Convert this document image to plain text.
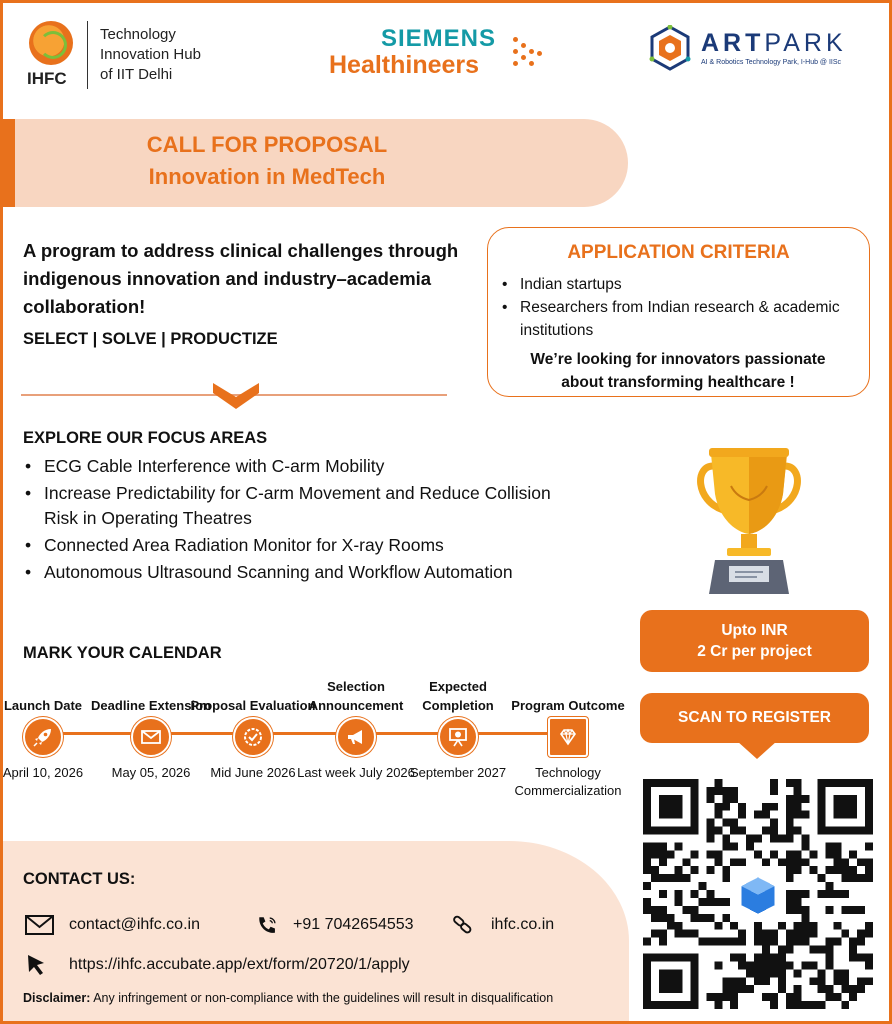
IHFC
Technology
Innovation Hub
of IIT Delhi
SIEMENS
Healthineers
ARTPARK
AI & Robotics Technology Park, I-Hub @ IISc
CALL FOR PROPOSAL
Innovation in MedTech
A program to address clinical challenges through indigenous innovation and industry–academia collaboration!
SELECT | SOLVE | PRODUCTIZE
APPLICATION CRITERIA
• Indian startups
• Researchers from Indian research & academic institutions
We’re looking for innovators passionate about transforming healthcare !
EXPLORE OUR FOCUS AREAS
• ECG Cable Interference with C-arm Mobility
• Increase Predictability for C-arm Movement and Reduce Collision Risk in Operating Theatres
• Connected Area Radiation Monitor for X-ray Rooms
• Autonomous Ultrasound Scanning and Workflow Automation
Upto INR
2 Cr per project
SCAN TO REGISTER
MARK YOUR CALENDAR
Launch Date
April 10, 2026
Deadline Extension
May 05, 2026
Proposal Evaluation
Mid June 2026
Selection Announcement
Last week July 2026
Expected Completion
September 2027
Program Outcome
Technology Commercialization
CONTACT US:
contact@ihfc.co.in	+91 7042654553	ihfc.co.in
https://ihfc.accubate.app/ext/form/20720/1/apply
Disclaimer: Any infringement or non-compliance with the guidelines will result in disqualification
